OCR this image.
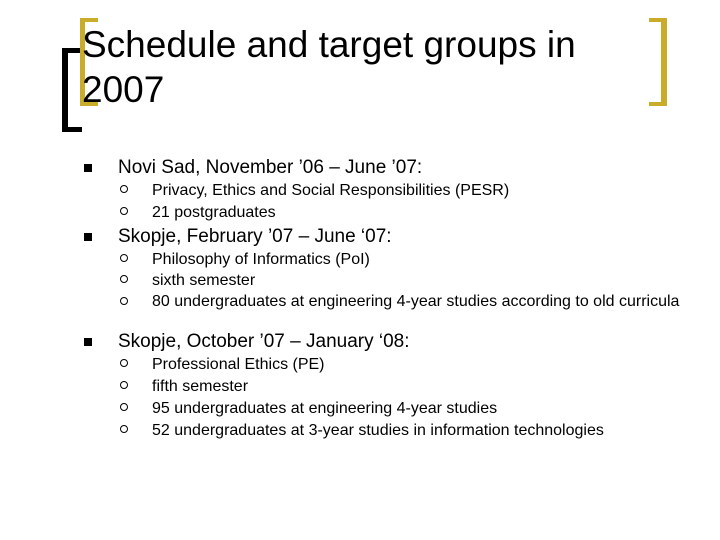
Schedule and target groups in 2007
Novi Sad, November ’06 – June ’07:
Privacy, Ethics and Social Responsibilities (PESR)
21 postgraduates
Skopje, February ’07 – June ‘07:
Philosophy of Informatics (PoI)
sixth semester
80 undergraduates at engineering 4-year studies according to old curricula
Skopje, October ’07 – January ‘08:
Professional Ethics (PE)
fifth semester
95 undergraduates at engineering 4-year studies
52 undergraduates at 3-year studies in information technologies
